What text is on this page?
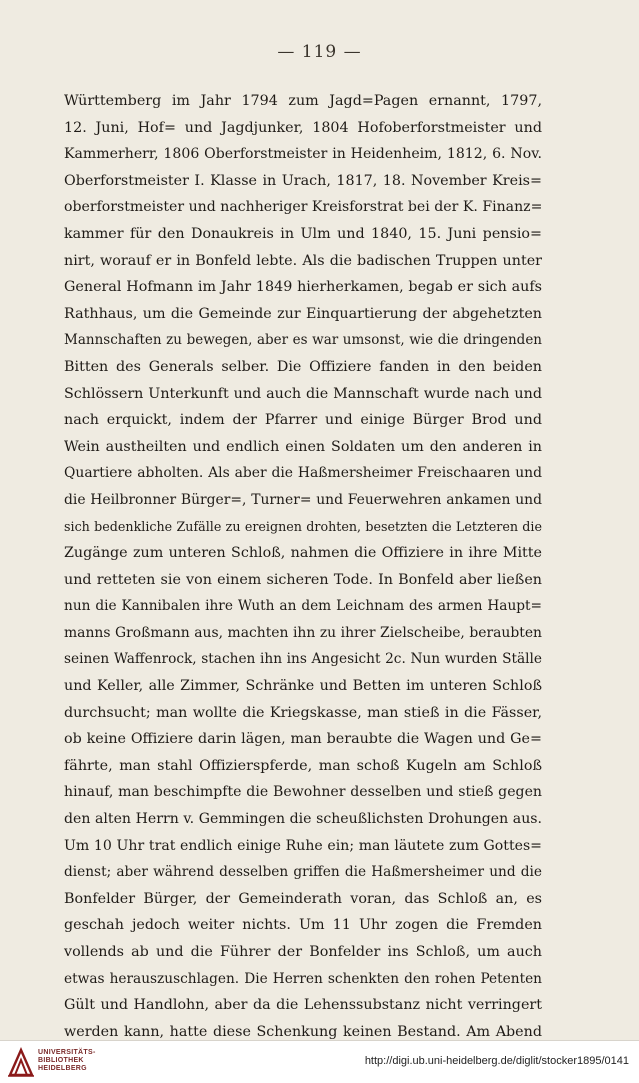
— 119 —
Württemberg im Jahr 1794 zum Jagd=Pagen ernannt, 1797,
12. Juni, Hof= und Jagdjunker, 1804 Hofoberforstmeister und
Kammerherr, 1806 Oberforstmeister in Heidenheim, 1812, 6. Nov.
Oberforstmeister I. Klasse in Urach, 1817, 18. November Kreis=
oberforstmeister und nachheriger Kreisforstrat bei der K. Finanz=
kammer für den Donaukreis in Ulm und 1840, 15. Juni pensio=
nirt, worauf er in Bonfeld lebte. Als die badischen Truppen unter
General Hofmann im Jahr 1849 hierherkamen, begab er sich aufs
Rathhaus, um die Gemeinde zur Einquartierung der abgehetzten
Mannschaften zu bewegen, aber es war umsonst, wie die dringenden
Bitten des Generals selber. Die Offiziere fanden in den beiden
Schlössern Unterkunft und auch die Mannschaft wurde nach und
nach erquickt, indem der Pfarrer und einige Bürger Brod und
Wein austheilten und endlich einen Soldaten um den anderen in
Quartiere abholten. Als aber die Haßmersheimer Freischaaren und
die Heilbronner Bürger=, Turner= und Feuerwehren ankamen und
sich bedenkliche Zufälle zu ereignen drohten, besetzten die Letzteren die
Zugänge zum unteren Schloß, nahmen die Offiziere in ihre Mitte
und retteten sie von einem sicheren Tode. In Bonfeld aber ließen
nun die Kannibalen ihre Wuth an dem Leichnam des armen Haupt=
manns Großmann aus, machten ihn zu ihrer Zielscheibe, beraubten
seinen Waffenrock, stachen ihn ins Angesicht 2c. Nun wurden Ställe
und Keller, alle Zimmer, Schränke und Betten im unteren Schloß
durchsucht; man wollte die Kriegskasse, man stieß in die Fässer,
ob keine Offiziere darin lägen, man beraubte die Wagen und Ge=
fährte, man stahl Offizierspferde, man schoß Kugeln am Schloß
hinauf, man beschimpfte die Bewohner desselben und stieß gegen
den alten Herrn v. Gemmingen die scheußlichsten Drohungen aus.
Um 10 Uhr trat endlich einige Ruhe ein; man läutete zum Gottes=
dienst; aber während desselben griffen die Haßmersheimer und die
Bonfelder Bürger, der Gemeinderath voran, das Schloß an, es
geschah jedoch weiter nichts. Um 11 Uhr zogen die Fremden
vollends ab und die Führer der Bonfelder ins Schloß, um auch
etwas herauszuschlagen. Die Herren schenkten den rohen Petenten
Gült und Handlohn, aber da die Lehenssubstanz nicht verringert
werden kann, hatte diese Schenkung keinen Bestand. Am Abend
UNIVERSITÄTS-
BIBLIOTHEK
HEIDELBERG
http://digi.ub.uni-heidelberg.de/diglit/stocker1895/0141
